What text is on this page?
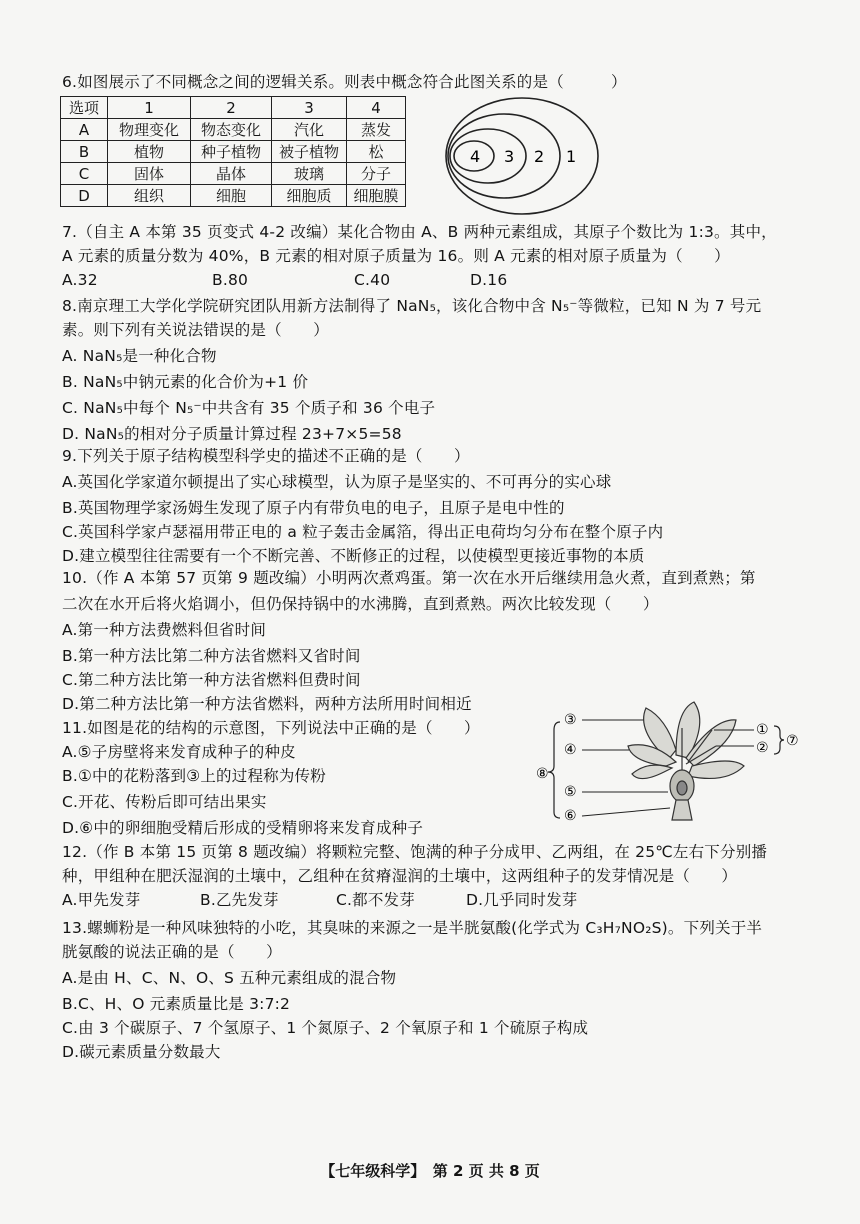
6.如图展示了不同概念之间的逻辑关系。则表中概念符合此图关系的是（　　　）
选项	1	2	3	4
A	物理变化	物态变化	汽化	蒸发
B	植物	种子植物	被子植物	松
C	固体	晶体	玻璃	分子
D	组织	细胞	细胞质	细胞膜
4 3 2 1
7.（自主 A 本第 35 页变式 4-2 改编）某化合物由 A、B 两种元素组成，其原子个数比为 1:3。其中，
A 元素的质量分数为 40%，B 元素的相对原子质量为 16。则 A 元素的相对原子质量为（　　）
A.32	B.80	C.40	D.16
8.南京理工大学化学院研究团队用新方法制得了 NaN₅，该化合物中含 N₅⁻等微粒，已知 N 为 7 号元
素。则下列有关说法错误的是（　　）
A. NaN₅是一种化合物
B. NaN₅中钠元素的化合价为+1 价
C. NaN₅中每个 N₅⁻中共含有 35 个质子和 36 个电子
D. NaN₅的相对分子质量计算过程 23+7×5=58
9.下列关于原子结构模型科学史的描述不正确的是（　　）
A.英国化学家道尔顿提出了实心球模型，认为原子是坚实的、不可再分的实心球
B.英国物理学家汤姆生发现了原子内有带负电的电子，且原子是电中性的
C.英国科学家卢瑟福用带正电的 a 粒子轰击金属箔，得出正电荷均匀分布在整个原子内
D.建立模型往往需要有一个不断完善、不断修正的过程，以使模型更接近事物的本质
10.（作 A 本第 57 页第 9 题改编）小明两次煮鸡蛋。第一次在水开后继续用急火煮，直到煮熟；第
二次在水开后将火焰调小，但仍保持锅中的水沸腾，直到煮熟。两次比较发现（　　）
A.第一种方法费燃料但省时间
B.第一种方法比第二种方法省燃料又省时间
C.第二种方法比第一种方法省燃料但费时间
D.第二种方法比第一种方法省燃料，两种方法所用时间相近
11.如图是花的结构的示意图，下列说法中正确的是（　　）
A.⑤子房壁将来发育成种子的种皮
B.①中的花粉落到③上的过程称为传粉
C.开花、传粉后即可结出果实
D.⑥中的卵细胞受精后形成的受精卵将来发育成种子
③
④
⑧
⑤
⑥
①
② ⑦
12.（作 B 本第 15 页第 8 题改编）将颗粒完整、饱满的种子分成甲、乙两组，在 25℃左右下分别播
种，甲组种在肥沃湿润的土壤中，乙组种在贫瘠湿润的土壤中，这两组种子的发芽情况是（　　）
A.甲先发芽	B.乙先发芽	C.都不发芽	D.几乎同时发芽
13.螺蛳粉是一种风味独特的小吃，其臭味的来源之一是半胱氨酸(化学式为 C₃H₇NO₂S)。下列关于半
胱氨酸的说法正确的是（　　）
A.是由 H、C、N、O、S 五种元素组成的混合物
B.C、H、O 元素质量比是 3:7:2
C.由 3 个碳原子、7 个氢原子、1 个氮原子、2 个氧原子和 1 个硫原子构成
D.碳元素质量分数最大
【七年级科学】　第 2 页 共 8 页
